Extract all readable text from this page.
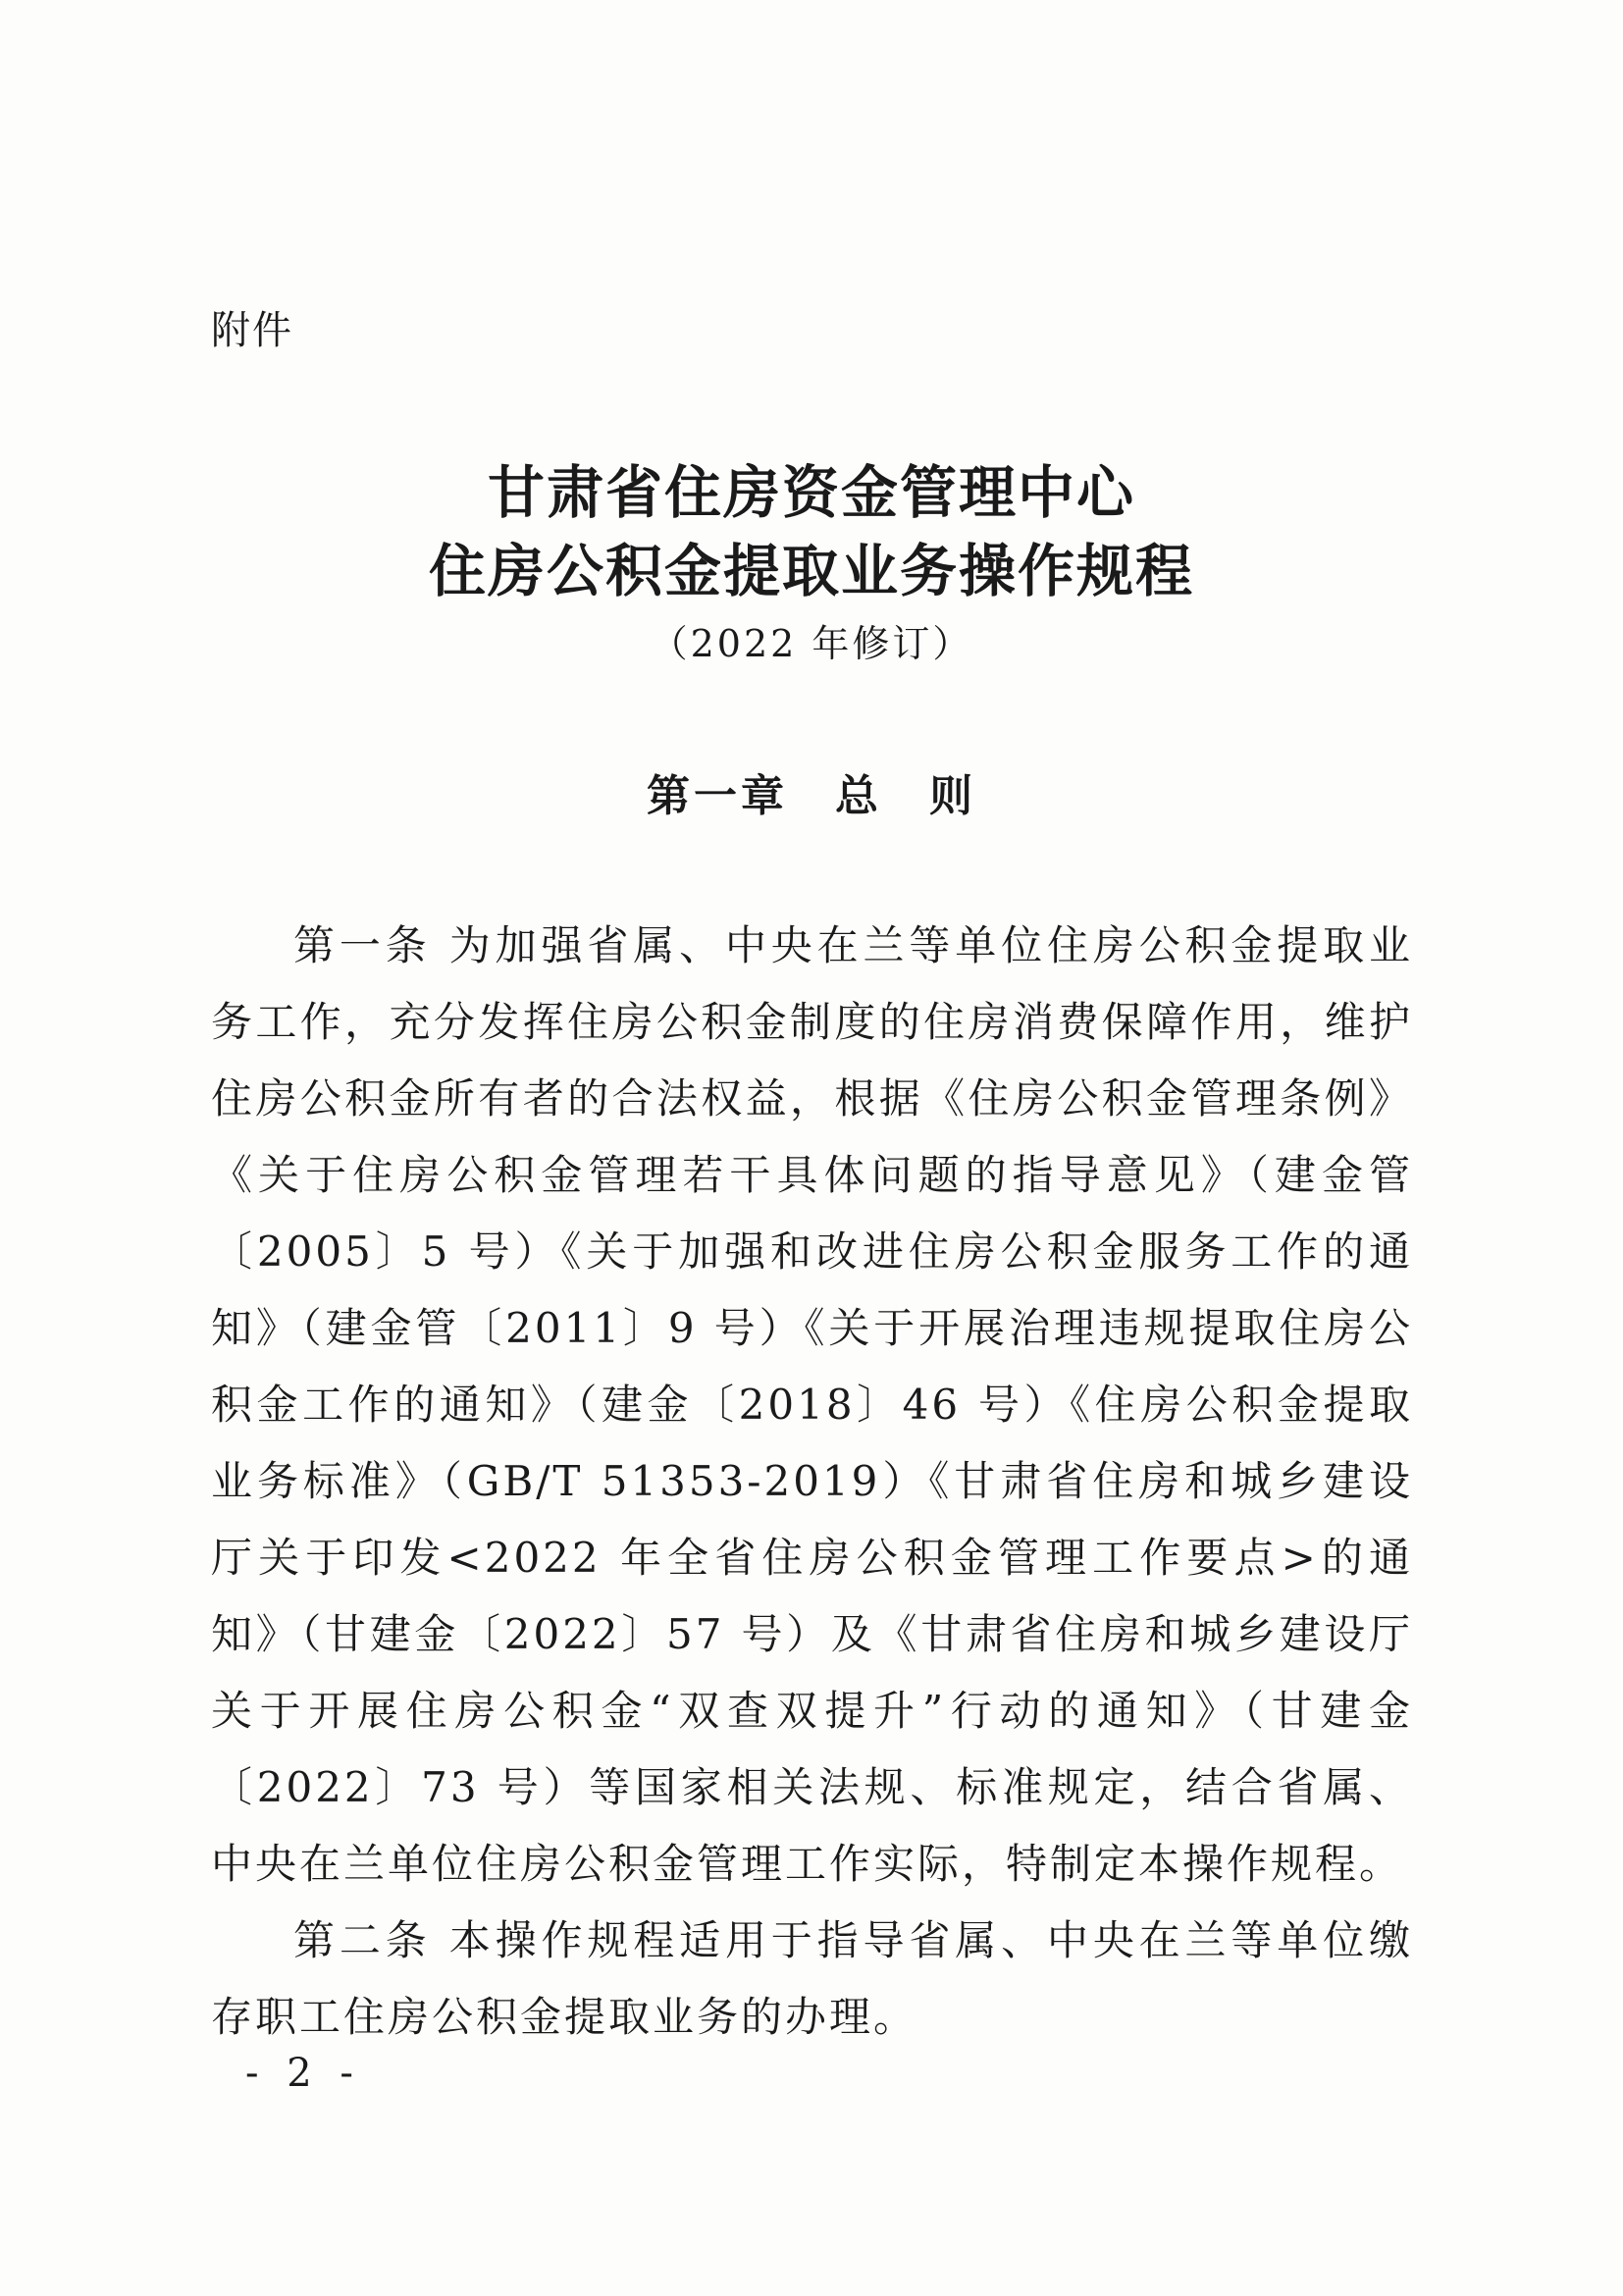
附件
甘肃省住房资金管理中心
住房公积金提取业务操作规程
（2022 年修订）
第一章　总　则

第一条 为加强省属、中央在兰等单位住房公积金提取业务工作，充分发挥住房公积金制度的住房消费保障作用，维护住房公积金所有者的合法权益，根据《住房公积金管理条例》《关于住房公积金管理若干具体问题的指导意见》（建金管〔2005〕5 号）《关于加强和改进住房公积金服务工作的通知》（建金管〔2011〕9 号）《关于开展治理违规提取住房公积金工作的通知》（建金〔2018〕46 号）《住房公积金提取业务标准》（GB/T 51353-2019）《甘肃省住房和城乡建设厅关于印发<2022 年全省住房公积金管理工作要点>的通知》（甘建金〔2022〕57 号）及《甘肃省住房和城乡建设厅关于开展住房公积金“双查双提升”行动的通知》（甘建金〔2022〕73 号）等国家相关法规、标准规定，结合省属、中央在兰单位住房公积金管理工作实际，特制定本操作规程。

第二条 本操作规程适用于指导省属、中央在兰等单位缴存职工住房公积金提取业务的办理。

- 2 -
